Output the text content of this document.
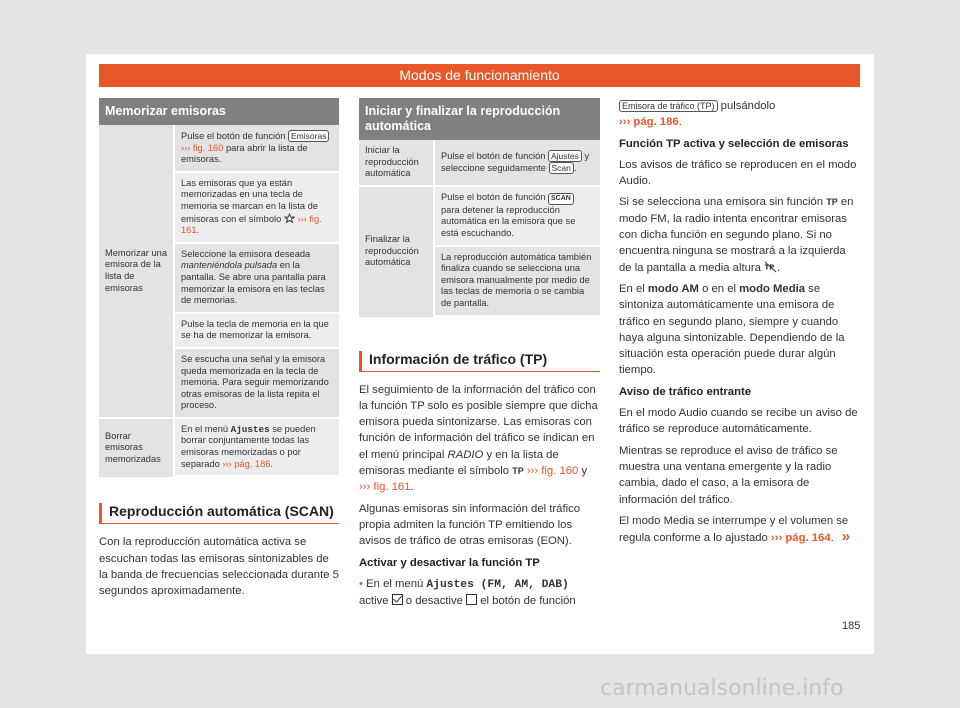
Modos de funcionamiento
Memorizar emisoras	
Memorizar una emisora de la lista de emisoras	Pulse el botón de función Emisoras ››› fig. 160 para abrir la lista de emisoras.
	Las emisoras que ya están memorizadas en una tecla de memoria se marcan en la lista de emisoras con el símbolo ››› fig. 161.
	Seleccione la emisora deseada manteniéndola pulsada en la pantalla. Se abre una pantalla para memorizar la emisora en las teclas de memorias.
	Pulse la tecla de memoria en la que se ha de memorizar la emisora.
	Se escucha una señal y la emisora queda memorizada en la tecla de memoria. Para seguir memorizando otras emisoras de la lista repita el proceso.
Borrar emisoras memorizadas	En el menú Ajustes se pueden borrar conjuntamente todas las emisoras memorizadas o por separado ››› pág. 186.
Reproducción automática (SCAN)

Con la reproducción automática activa se escuchan todas las emisoras sintonizables de la banda de frecuencias seleccionada durante 5 segundos aproximadamente.

Iniciar y finalizar la reproducción automática	
Iniciar la reproducción automática	Pulse el botón de función Ajustes y seleccione seguidamente Scan .
Finalizar la reproducción automática	Pulse el botón de función SCAN para detener la reproducción automática en la emisora que se está escuchando.
	La reproducción automática también finaliza cuando se selecciona una emisora manualmente por medio de las teclas de memoria o se cambia de pantalla.
Información de tráfico (TP)

El seguimiento de la información del tráfico con la función TP solo es posible siempre que dicha emisora pueda sintonizarse. Las emisoras con función de información del tráfico se indican en el menú principal RADIO y en la lista de emisoras mediante el símbolo TP ››› fig. 160 y ››› fig. 161.

Algunas emisoras sin información del tráfico propia admiten la función TP emitiendo los avisos de tráfico de otras emisoras (EON).

Activar y desactivar la función TP

• En el menú Ajustes (FM, AM, DAB) active  o desactive  el botón de función

Emisora de tráfico (TP) pulsándolo
››› pág. 186.

Función TP activa y selección de emisoras

Los avisos de tráfico se reproducen en el modo Audio.

Si se selecciona una emisora sin función TP en modo FM, la radio intenta encontrar emisoras con dicha función en segundo plano. Si no encuentra ninguna se mostrará a la izquierda de la pantalla a media altura TP .

En el modo AM o en el modo Media se sintoniza automáticamente una emisora de tráfico en segundo plano, siempre y cuando haya alguna sintonizable. Dependiendo de la situación esta operación puede durar algún tiempo.

Aviso de tráfico entrante

En el modo Audio cuando se recibe un aviso de tráfico se reproduce automáticamente.

Mientras se reproduce el aviso de tráfico se muestra una ventana emergente y la radio cambia, dado el caso, a la emisora de información del tráfico.

El modo Media se interrumpe y el volumen se regula conforme a lo ajustado ››› pág. 164. »

185
carmanualsonline.info
